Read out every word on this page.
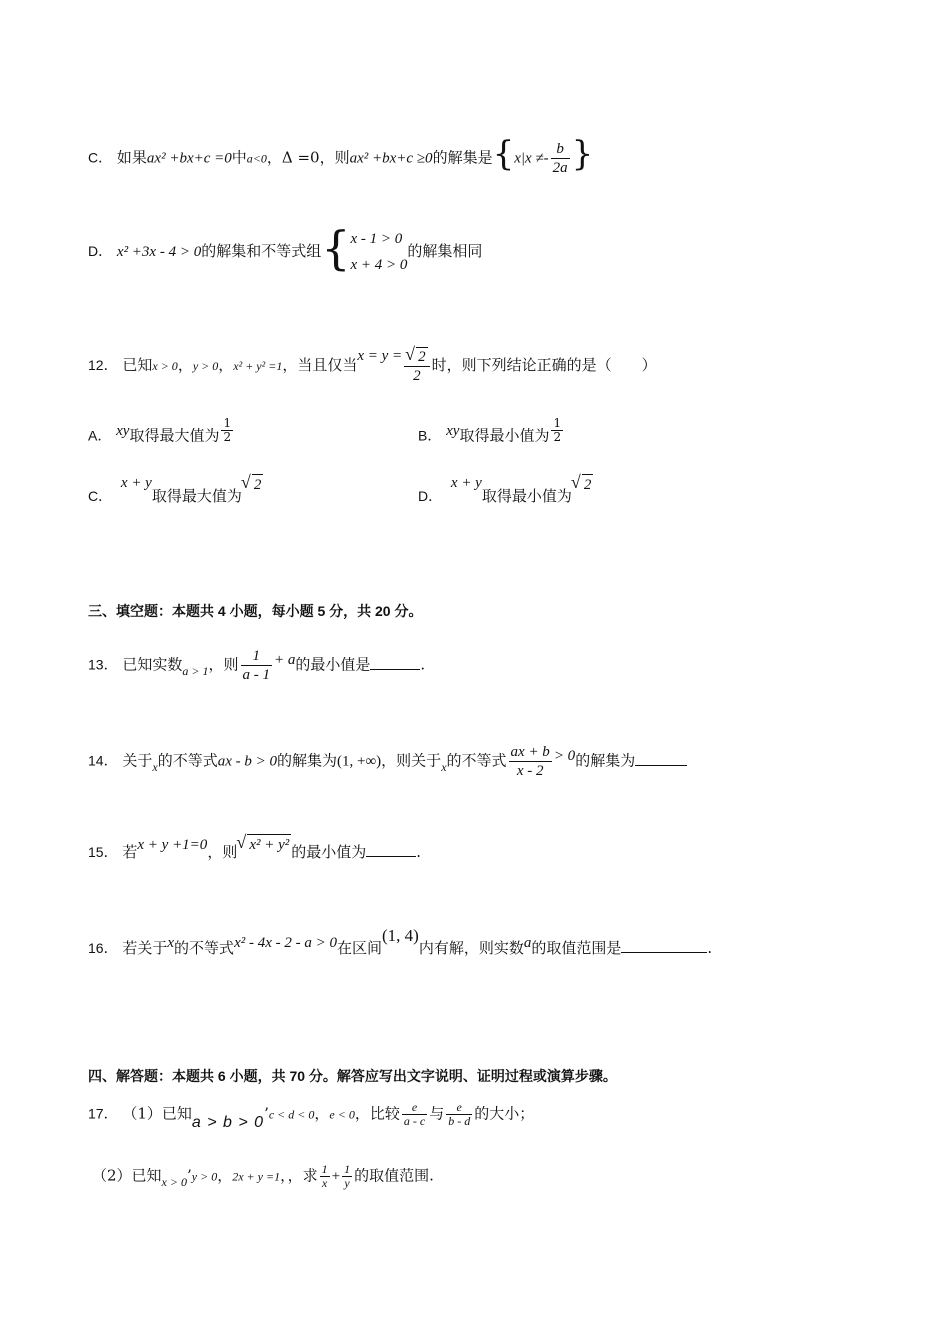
C． 如果ax² +bx+c =0中a<0，Δ =0，则ax² +bx+c ≥0的解集是{$x|x \ne- \frac{b}{2a}$ }
D． x² +3x - 4 > 0的解集和不等式组{ x - 1 > 0
x + 4 > 0
的解集相同
12． 已知x > 0，y > 0，x² + y² =1，当且仅当x = y = √ $\frac{2}{2}$ 时，则下列结论正确的是（　　）
A． xy取得最大值为 $\frac{1}{2}$	B． xy取得最小值为 $\frac{1}{2}$
C． x + y取得最大值为√ 2
D． x + y取得最小值为√ 2
三、填空题：本题共 4 小题，每小题 5 分，共 20 分。
13． 已知实数$_{a > 1}$，则 $\frac{1}{a - 1} + a$的最小值是	.
14． 关于$_x$的不等式ax - b > 0的解集为(1, +∞)，则关于$_x$的不等式 $\frac{ax + b}{x - 2} > 0$的解集为
15． 若x + y +1=0，则 √ x² + y² 的最小值为	.
16． 若关于x的不等式x² - 4x - 2 - a > 0在区间(1, 4)内有解，则实数a的取值范围是	.
四、解答题：本题共 6 小题，共 70 分。解答应写出文字说明、证明过程或演算步骤。
17． （1）已知a > b > 0’c < d < 0，e < 0，比较 $\frac{e}{a - c}$ 与 $\frac{e}{b - d}$ 的大小；
（2）已知$_{x > 0}$’y > 0，2x + y =1，，求 $\frac{1}{x} + \frac{1}{y}$ 的取值范围.
